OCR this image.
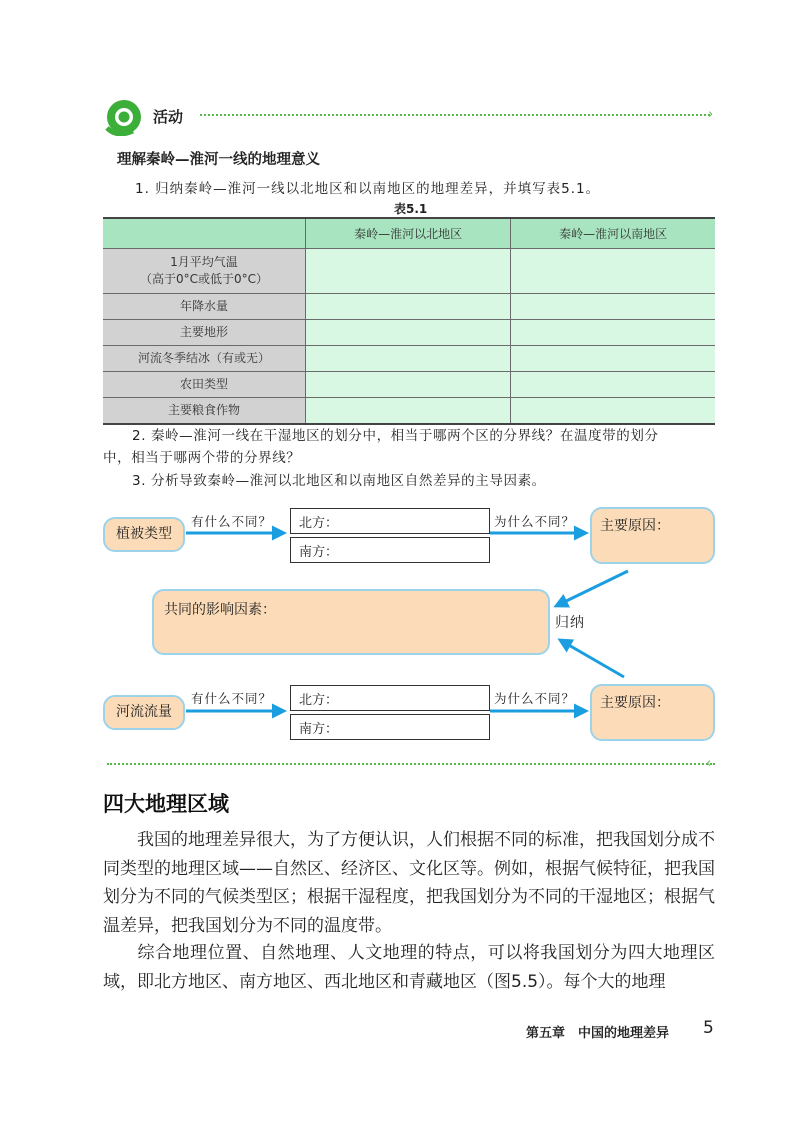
活动	›
理解秦岭—淮河一线的地理意义
1. 归纳秦岭—淮河一线以北地区和以南地区的地理差异，并填写表5.1。
表5.1
	秦岭—淮河以北地区	秦岭—淮河以南地区

1月平均气温
（高于0°C或低于0°C）		

年降水量		
主要地形		
河流冬季结冰（有或无）		
农田类型		
主要粮食作物		
2. 秦岭—淮河一线在干湿地区的划分中，相当于哪两个区的分界线？在温度带的划分
中，相当于哪两个带的分界线？
3. 分析导致秦岭—淮河以北地区和以南地区自然差异的主导因素。
植被类型
有什么不同？	北方：
南方：
为什么不同？	主要原因：
共同的影响因素：
归纳
河流流量
有什么不同？	北方：
南方：
为什么不同？	主要原因：
‹
四大地理区域
我国的地理差异很大，为了方便认识，人们根据不同的标准，把我国划分成不同类型的地理区域——自然区、经济区、文化区等。例如，根据气候特征，把我国划分为不同的气候类型区；根据干湿程度，把我国划分为不同的干湿地区；根据气温差异，把我国划分为不同的温度带。
综合地理位置、自然地理、人文地理的特点，可以将我国划分为四大地理区域，即北方地区、南方地区、西北地区和青藏地区（图5.5）。每个大的地理
第五章　中国的地理差异 5
